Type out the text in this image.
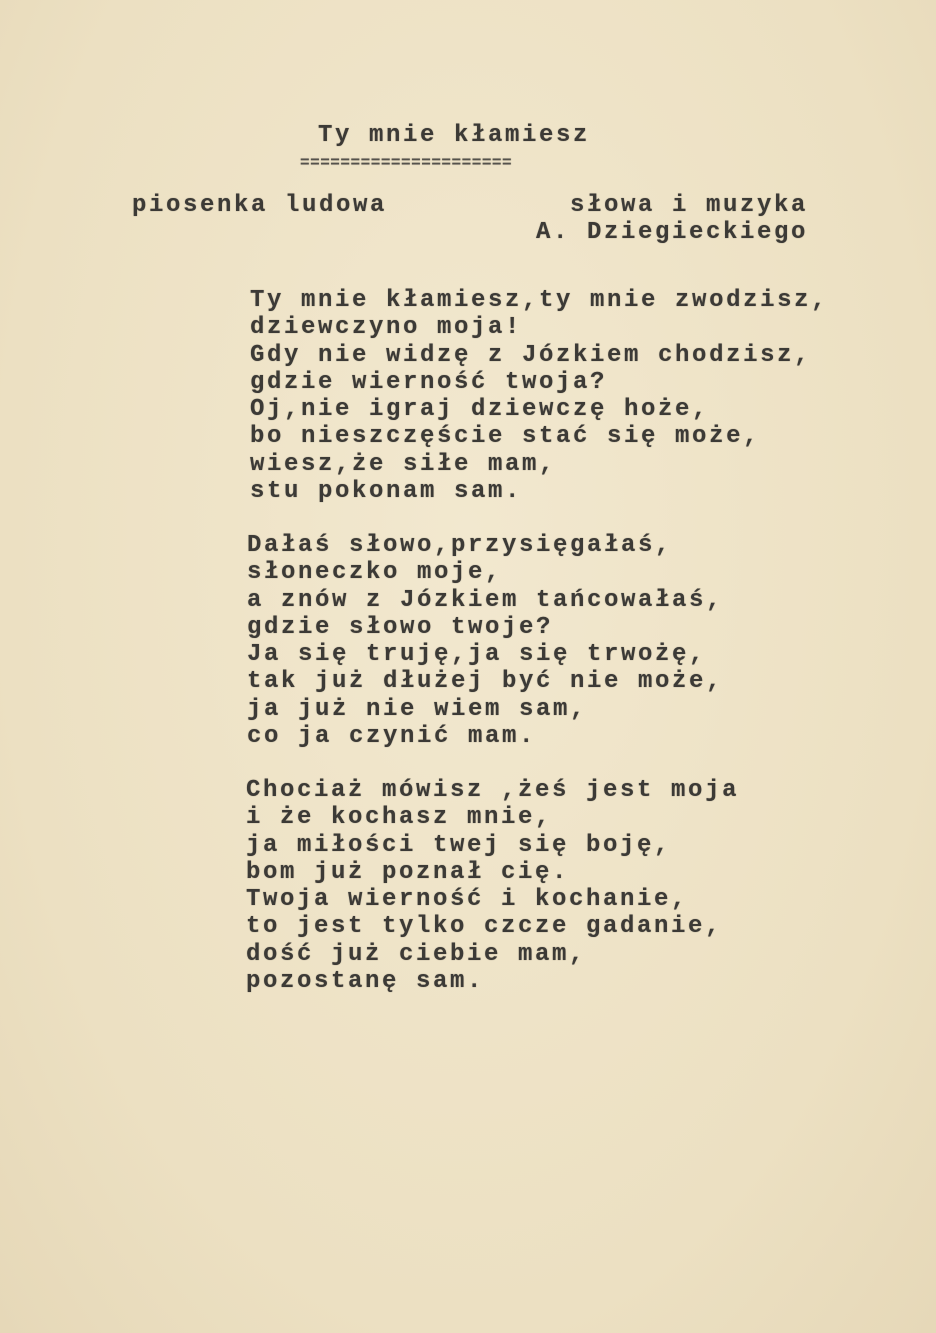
Ty mnie kłamiesz
=====================
piosenka ludowa	słowa i muzyka
A. Dziegieckiego
Ty mnie kłamiesz,ty mnie zwodzisz,
dziewczyno moja!
Gdy nie widzę z Józkiem chodzisz,
gdzie wierność twoja?
Oj,nie igraj dziewczę hoże,
bo nieszczęście stać się może,
wiesz,że siłe mam,
stu pokonam sam.
Dałaś słowo,przysięgałaś,
słoneczko moje,
a znów z Józkiem tańcowałaś,
gdzie słowo twoje?
Ja się truję,ja się trwożę,
tak już dłużej być nie może,
ja już nie wiem sam,
co ja czynić mam.
Chociaż mówisz ,żeś jest moja
i że kochasz mnie,
ja miłości twej się boję,
bom już poznał cię.
Twoja wierność i kochanie,
to jest tylko czcze gadanie,
dość już ciebie mam,
pozostanę sam.
